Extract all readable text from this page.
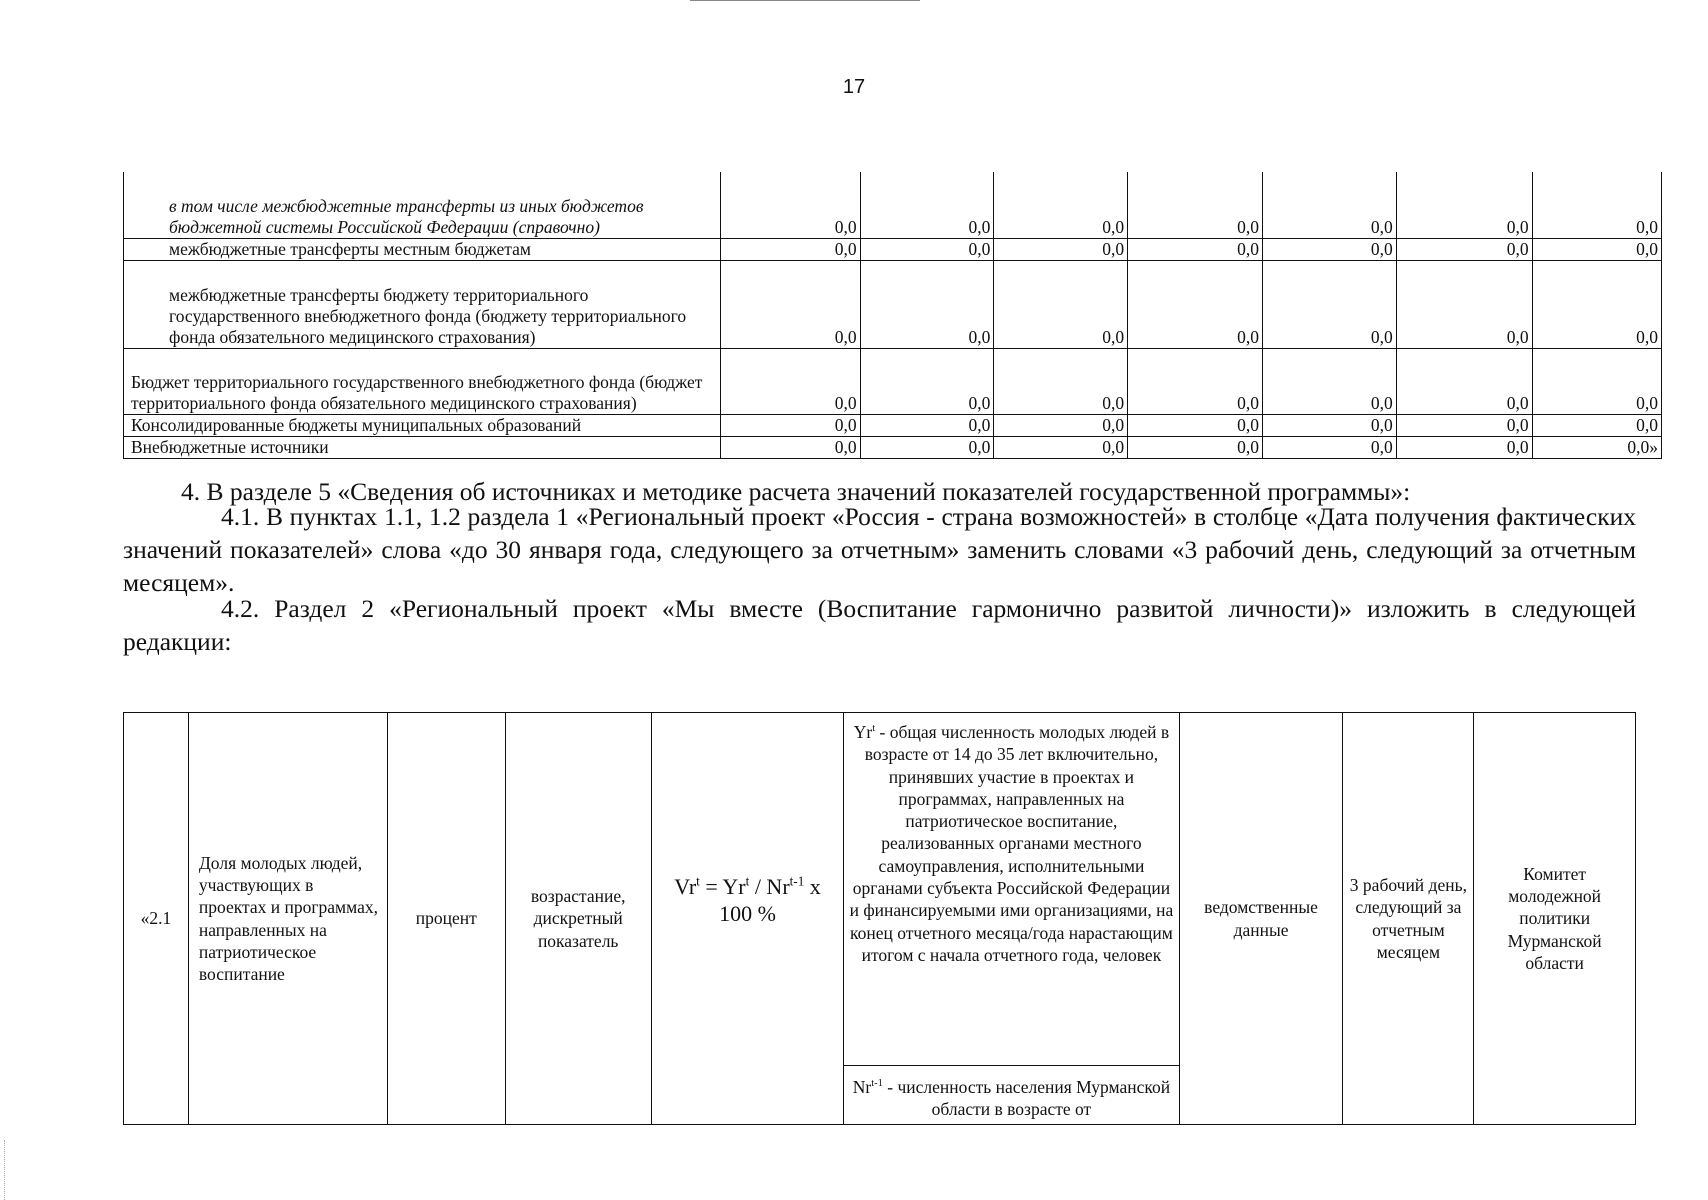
17
в том числе межбюджетные трансферты из иных бюджетов бюджетной системы Российской Федерации (справочно)	0,0	0,0	0,0	0,0	0,0	0,0	0,0
межбюджетные трансферты местным бюджетам	0,0	0,0	0,0	0,0	0,0	0,0	0,0
межбюджетные трансферты бюджету территориального государственного внебюджетного фонда (бюджету территориального фонда обязательного медицинского страхования)	0,0	0,0	0,0	0,0	0,0	0,0	0,0
Бюджет территориального государственного внебюджетного фонда (бюджет территориального фонда обязательного медицинского страхования)	0,0	0,0	0,0	0,0	0,0	0,0	0,0
Консолидированные бюджеты муниципальных образований	0,0	0,0	0,0	0,0	0,0	0,0	0,0
Внебюджетные источники	0,0	0,0	0,0	0,0	0,0	0,0	0,0»
4. В разделе 5 «Сведения об источниках и методике расчета значений показателей государственной программы»:
4.1. В пунктах 1.1, 1.2 раздела 1 «Региональный проект «Россия - страна возможностей» в столбце «Дата получения фактических значений показателей» слова «до 30 января года, следующего за отчетным» заменить словами «3 рабочий день, следующий за отчетным месяцем».
4.2. Раздел 2 «Региональный проект «Мы вместе (Воспитание гармонично развитой личности)» изложить в следующей редакции:
«2.1	Доля молодых людей, участвующих в проектах и программах, направленных на патриотическое воспитание	процент	возрастание, дискретный показатель	$Vr^t = Yr^t / Nr^{t-1}$ х 100 %	Yr$^t$ - общая численность молодых людей в возрасте от 14 до 35 лет включительно, принявших участие в проектах и программах, направленных на патриотическое воспитание, реализованных органами местного самоуправления, исполнительными органами субъекта Российской Федерации и финансируемыми ими организациями, на конец отчетного месяца/года нарастающим итогом с начала отчетного года, человек	ведомственные данные	3 рабочий день, следующий за отчетным месяцем	Комитет молодежной политики Мурманской области
Nr$^{t-1}$ - численность населения Мурманской области в возрасте от
